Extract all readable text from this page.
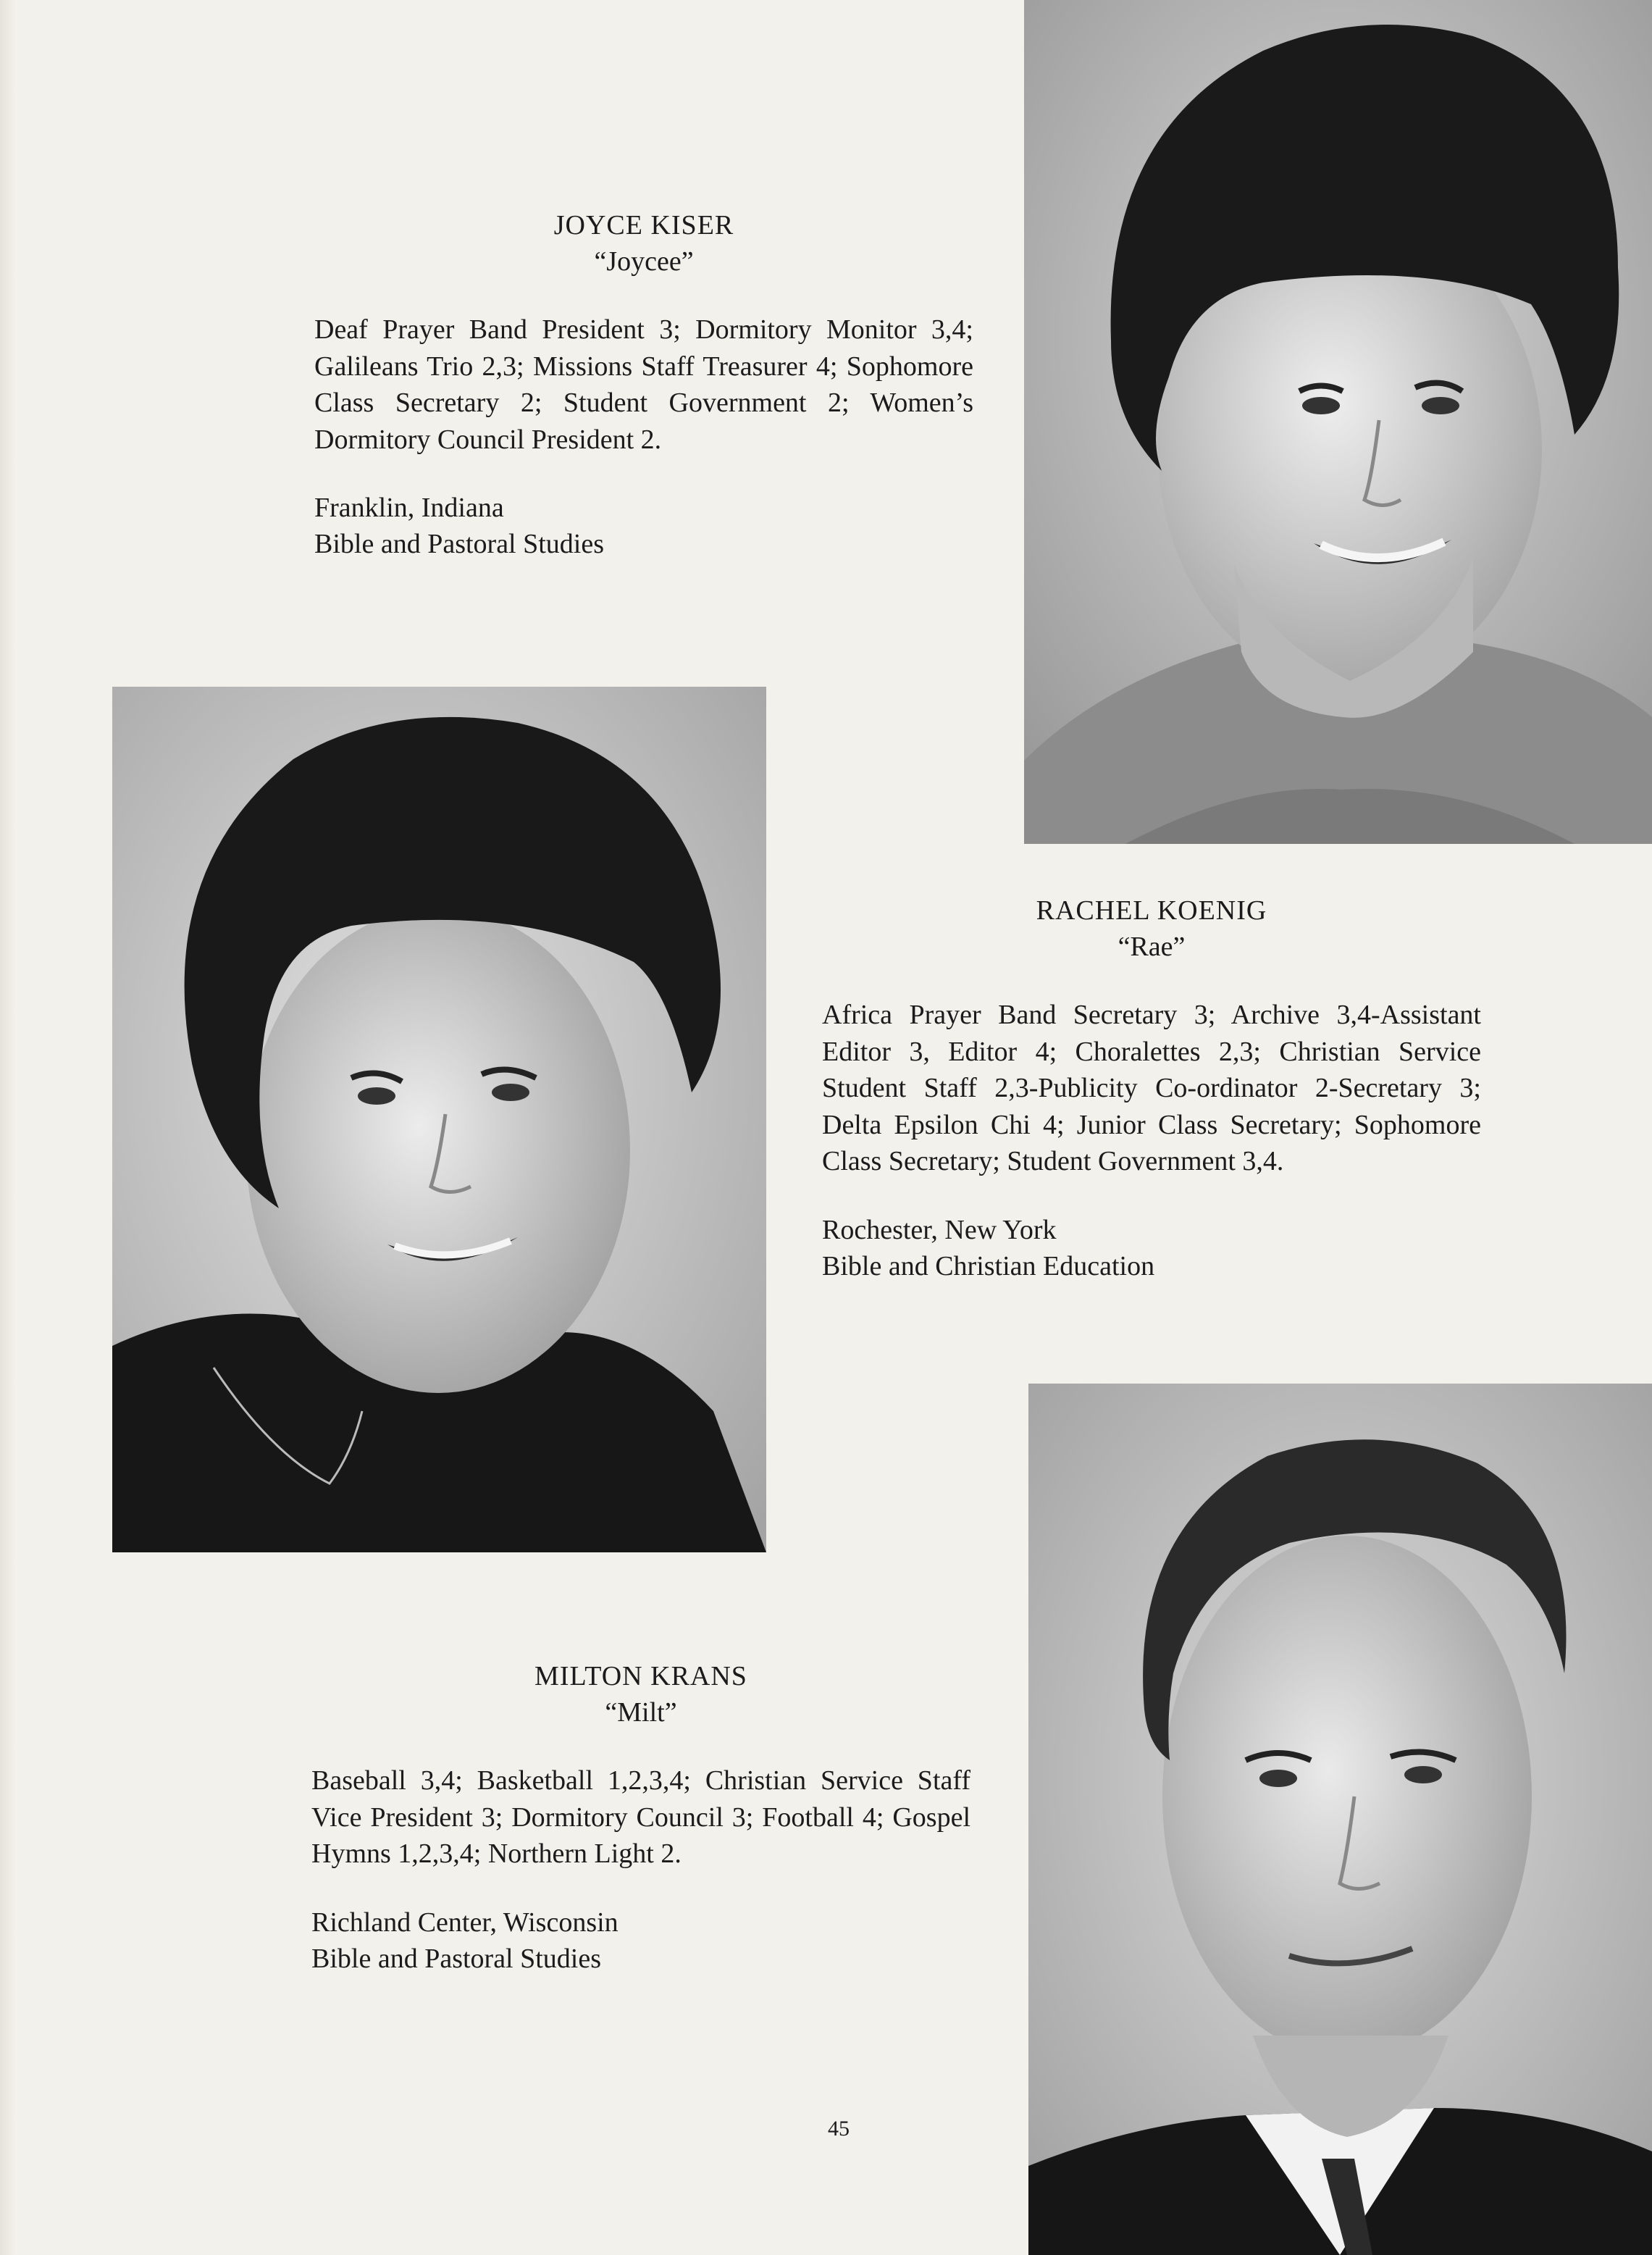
JOYCE KISER
“Joycee”
Deaf Prayer Band President 3; Dormitory Monitor 3,4; Galileans Trio 2,3; Missions Staff Treasurer 4; Sophomore Class Secretary 2; Student Government 2; Women’s Dormitory Council President 2.
Franklin, Indiana
Bible and Pastoral Studies
RACHEL KOENIG
“Rae”
Africa Prayer Band Secretary 3; Archive 3,4-Assistant Editor 3, Editor 4; Choralettes 2,3; Christian Service Student Staff 2,3-Publicity Co-ordinator 2-Secretary 3; Delta Epsilon Chi 4; Junior Class Secretary; Sophomore Class Secretary; Student Government 3,4.
Rochester, New York
Bible and Christian Education
MILTON KRANS
“Milt”
Baseball 3,4; Basketball 1,2,3,4; Christian Service Staff Vice President 3; Dormitory Council 3; Football 4; Gospel Hymns 1,2,3,4; Northern Light 2.
Richland Center, Wisconsin
Bible and Pastoral Studies
45
